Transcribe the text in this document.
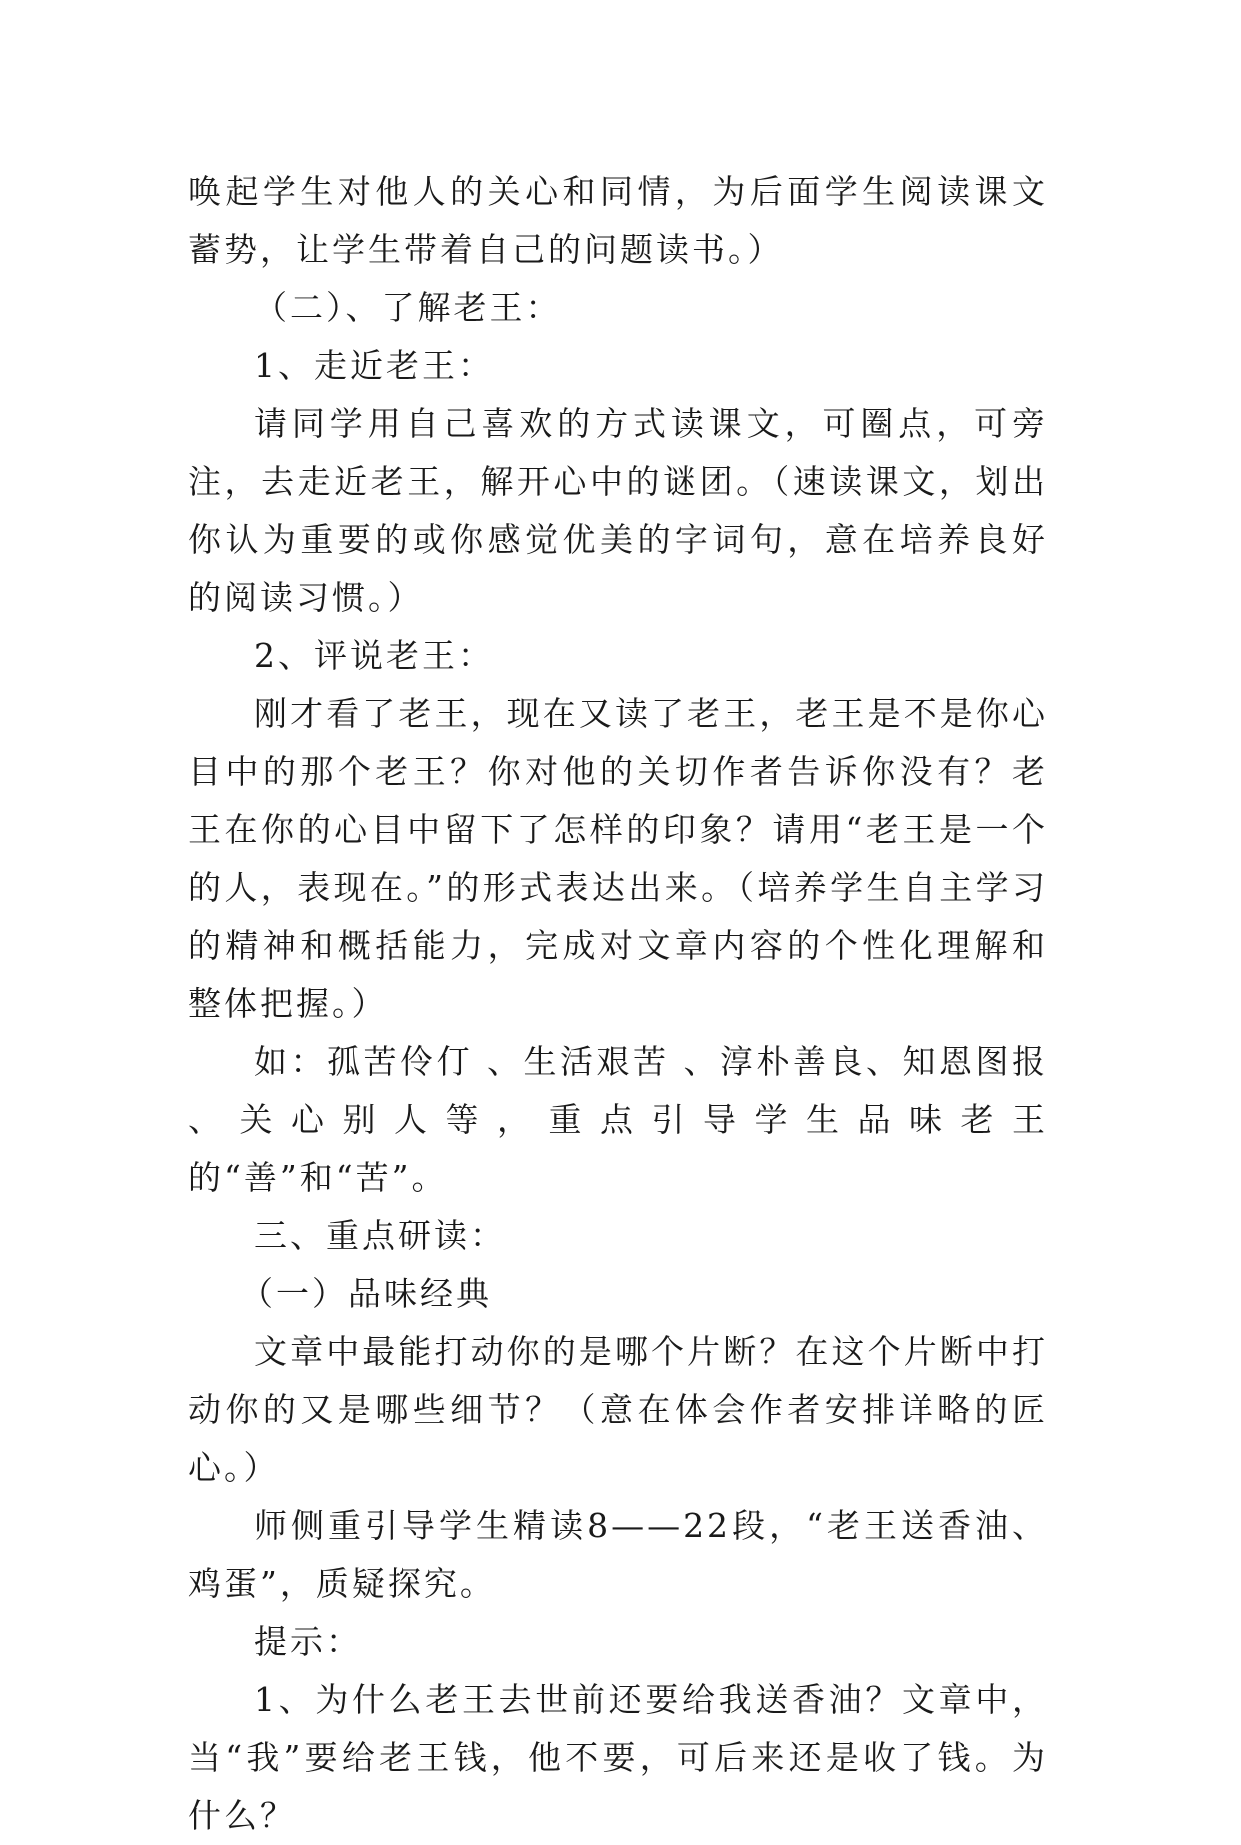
唤起学生对他人的关心和同情，为后面学生阅读课文蓄势，让学生带着自己的问题读书。）

（二）、了解老王：

1、走近老王：

请同学用自己喜欢的方式读课文，可圈点，可旁注，去走近老王，解开心中的谜团。（速读课文，划出你认为重要的或你感觉优美的字词句，意在培养良好的阅读习惯。）

2、评说老王：

刚才看了老王，现在又读了老王，老王是不是你心目中的那个老王？你对他的关切作者告诉你没有？老王在你的心目中留下了怎样的印象？请用“老王是一个的人，表现在。”的形式表达出来。（培养学生自主学习的精神和概括能力，完成对文章内容的个性化理解和整体把握。）

如：孤苦伶仃 、生活艰苦 、淳朴善良、知恩图报 、关心别人等，重点引导学生品味老王的“善”和“苦”。

三、重点研读：

（一）品味经典

文章中最能打动你的是哪个片断？在这个片断中打动你的又是哪些细节？（意在体会作者安排详略的匠心。）

师侧重引导学生精读8——22段，“老王送香油、鸡蛋”，质疑探究。

提示：

1、为什么老王去世前还要给我送香油？文章中，当“我”要给老王钱，他不要，可后来还是收了钱。为什么？
